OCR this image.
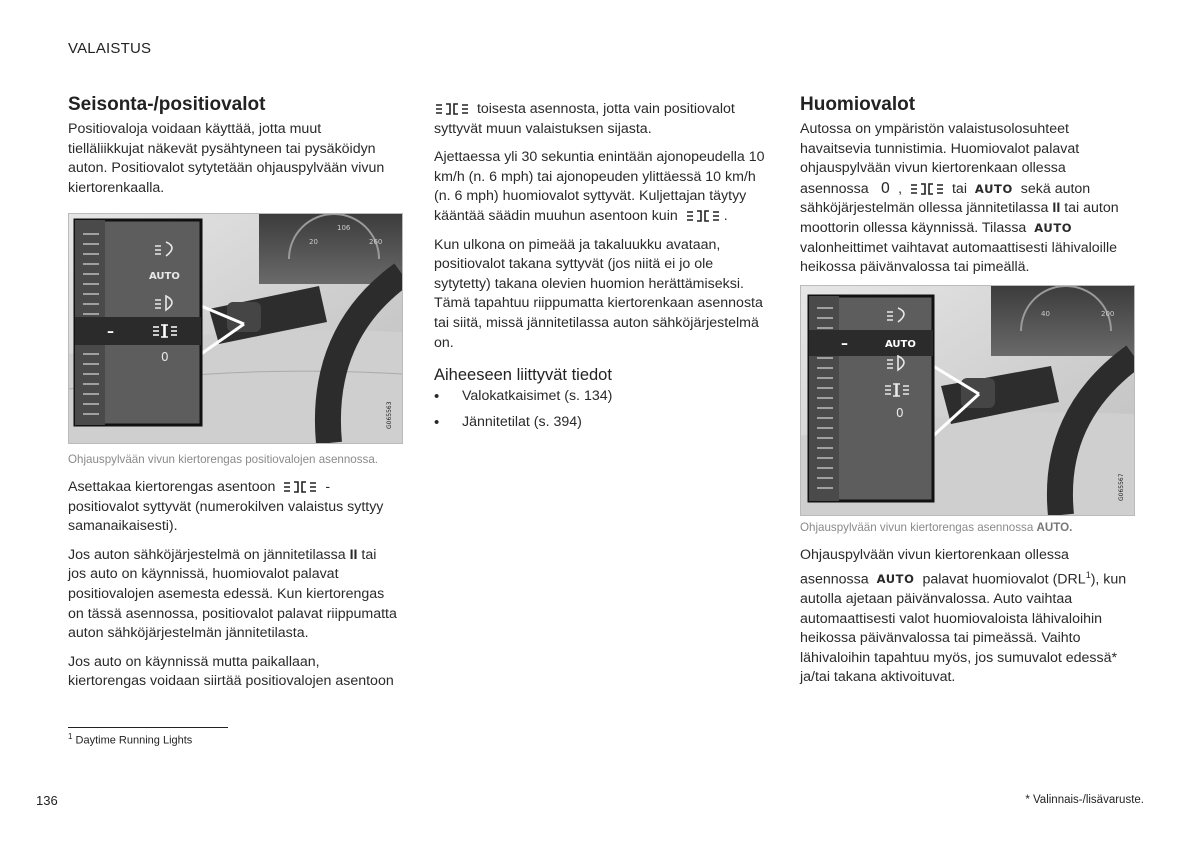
VALAISTUS
Seisonta-/positiovalot

Positiovaloja voidaan käyttää, jotta muut tielläliikkujat näkevät pysähtyneen tai pysäköidyn auton. Positiovalot sytytetään ohjauspylvään vivun kiertorenkaalla.

AUTO
–
0
G065563
20
106
260
Ohjauspylvään vivun kiertorengas positiovalojen asennossa.

Asettakaa kiertorengas asentoon	- positiovalot syttyvät (numerokilven valaistus syttyy samanaikaisesti).

Jos auton sähköjärjestelmä on jännitetilassa II tai jos auto on käynnissä, huomiovalot palavat positiovalojen asemesta edessä. Kun kiertorengas on tässä asennossa, positiovalot palavat riippumatta auton sähköjärjestelmän jännitetilasta.

Jos auto on käynnissä mutta paikallaan, kiertorengas voidaan siirtää positiovalojen asentoon

toisesta asennosta, jotta vain positiovalot syttyvät muun valaistuksen sijasta.

Ajettaessa yli 30 sekuntia enintään ajonopeudella 10 km/h (n. 6 mph) tai ajonopeuden ylittäessä 10 km/h (n. 6 mph) huomiovalot syttyvät. Kuljettajan täytyy kääntää säädin muuhun asentoon kuin	.

Kun ulkona on pimeää ja takaluukku avataan, positiovalot takana syttyvät (jos niitä ei jo ole sytytetty) takana olevien huomion herättämiseksi. Tämä tapahtuu riippumatta kiertorenkaan asennosta tai siitä, missä jännitetilassa auton sähköjärjestelmä on.

Aiheeseen liittyvät tiedot
• Valokatkaisimet (s. 134)
• Jännitetilat (s. 394)
Huomiovalot

Autossa on ympäristön valaistusolosuhteet havaitsevia tunnistimia. Huomiovalot palavat ohjauspylvään vivun kiertorenkaan ollessa asennossa 0 ,	tai AUTO sekä auton sähköjärjestelmän ollessa jännitetilassa II tai auton moottorin ollessa käynnissä. Tilassa AUTO valonheittimet vaihtavat automaattisesti lähivaloille heikossa päivänvalossa tai pimeällä.

–	AUTO
0
G065567
40	200
Ohjauspylvään vivun kiertorengas asennossa AUTO.

Ohjauspylvään vivun kiertorenkaan ollessa asennossa AUTO palavat huomiovalot (DRL$^1$), kun autolla ajetaan päivänvalossa. Auto vaihtaa automaattisesti valot huomiovaloista lähivaloihin heikossa päivänvalossa tai pimeässä. Vaihto lähivaloihin tapahtuu myös, jos sumuvalot edessä* ja/tai takana aktivoituvat.

$^1$ Daytime Running Lights
136	* Valinnais-/lisävaruste.
